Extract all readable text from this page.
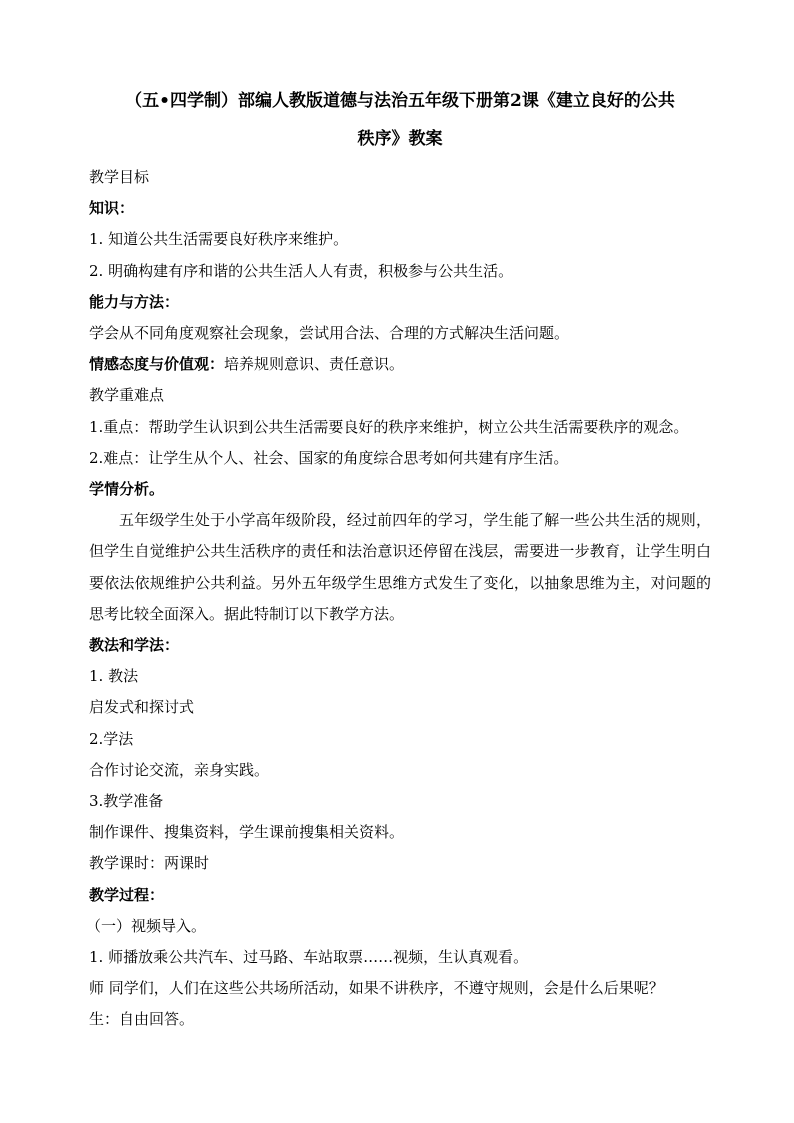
（五•四学制）部编人教版道德与法治五年级下册第2课《建立良好的公共
秩序》教案

教学目标

知识：

1. 知道公共生活需要良好秩序来维护。

2. 明确构建有序和谐的公共生活人人有责，积极参与公共生活。

能力与方法：

学会从不同角度观察社会现象，尝试用合法、合理的方式解决生活问题。

情感态度与价值观：培养规则意识、责任意识。

教学重难点

1.重点：帮助学生认识到公共生活需要良好的秩序来维护，树立公共生活需要秩序的观念。

2.难点：让学生从个人、社会、国家的角度综合思考如何共建有序生活。

学情分析。

五年级学生处于小学高年级阶段，经过前四年的学习，学生能了解一些公共生活的规则，但学生自觉维护公共生活秩序的责任和法治意识还停留在浅层，需要进一步教育，让学生明白要依法依规维护公共利益。另外五年级学生思维方式发生了变化，以抽象思维为主，对问题的思考比较全面深入。据此特制订以下教学方法。

教法和学法：

1. 教法

启发式和探讨式

2.学法

合作讨论交流，亲身实践。

3.教学准备

制作课件、搜集资料，学生课前搜集相关资料。

教学课时：两课时

教学过程：

（一）视频导入。

1. 师播放乘公共汽车、过马路、车站取票……视频，生认真观看。

师 同学们，人们在这些公共场所活动，如果不讲秩序，不遵守规则，会是什么后果呢？

生：自由回答。
